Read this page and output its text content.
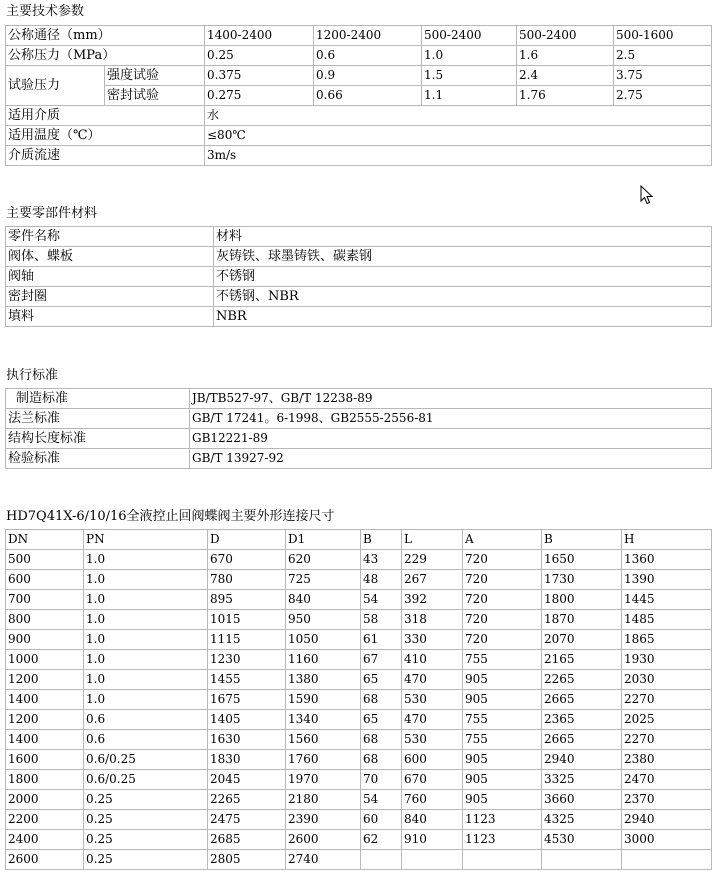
主要技术参数
公称通径（mm）		1400-2400	1200-2400	500-2400	500-2400	500-1600
公称压力（MPa）		0.25	0.6	1.0	1.6	2.5
试验压力	强度试验	0.375	0.9	1.5	2.4	3.75
	密封试验	0.275	0.66	1.1	1.76	2.75
适用介质		水				
适用温度（℃）		≤80℃				
介质流速		3m/s				
主要零部件材料
零件名称	材料
阀体、蝶板	灰铸铁、球墨铸铁、碳素钢
阀轴	不锈钢
密封圈	不锈钢、NBR
填料	NBR
执行标准
制造标准	JB/TB527-97、GB/T 12238-89
法兰标准	GB/T 17241。6-1998、GB2555-2556-81
结构长度标准	GB12221-89
检验标准	GB/T 13927-92
HD7Q41X-6/10/16全液控止回阀蝶阀主要外形连接尺寸
DN	PN	D	D1	B	L	A	B	H
500	1.0	670	620	43	229	720	1650	1360
600	1.0	780	725	48	267	720	1730	1390
700	1.0	895	840	54	392	720	1800	1445
800	1.0	1015	950	58	318	720	1870	1485
900	1.0	1115	1050	61	330	720	2070	1865
1000	1.0	1230	1160	67	410	755	2165	1930
1200	1.0	1455	1380	65	470	905	2265	2030
1400	1.0	1675	1590	68	530	905	2665	2270
1200	0.6	1405	1340	65	470	755	2365	2025
1400	0.6	1630	1560	68	530	755	2665	2270
1600	0.6/0.25	1830	1760	68	600	905	2940	2380
1800	0.6/0.25	2045	1970	70	670	905	3325	2470
2000	0.25	2265	2180	54	760	905	3660	2370
2200	0.25	2475	2390	60	840	1123	4325	2940
2400	0.25	2685	2600	62	910	1123	4530	3000
2600	0.25	2805	2740					
